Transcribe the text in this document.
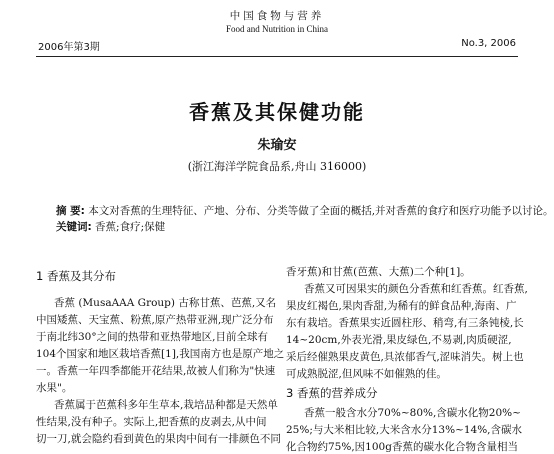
中国食物与营养
Food and Nutrition in China
2006年第3期	No.3, 2006
香蕉及其保健功能
朱瑜安
(浙江海洋学院食品系,舟山 316000)
摘 要: 本文对香蕉的生理特征、产地、分布、分类等做了全面的概括,并对香蕉的食疗和医疗功能予以讨论。
关键词: 香蕉;食疗;保健
1 香蕉及其分布
香蕉 (MusaAAA Group) 古称甘蕉、芭蕉,又名
中国矮蕉、天宝蕉、粉蕉,原产热带亚洲,现广泛分布
于南北纬30°之间的热带和亚热带地区,目前全球有
104个国家和地区栽培香蕉[1],我国南方也是原产地之
一。香蕉一年四季都能开花结果,故被人们称为"快速
水果"。
香蕉属于芭蕉科多年生草本,栽培品种都是天然单
性结果,没有种子。实际上,把香蕉的皮剥去,从中间
切一刀,就会隐约看到黄色的果肉中间有一排颜色不同
香牙蕉)和甘蕉(芭蕉、大蕉)二个种[1]。
香蕉又可因果实的颜色分香蕉和红香蕉。红香蕉,
果皮红褐色,果肉香甜,为稀有的鲜食品种,海南、广
东有栽培。香蕉果实近圆柱形、稍弯,有三条钝棱,长
14~20cm,外表光滑,果皮绿色,不易剥,肉质硬涩,
采后经催熟果皮黄色,具浓郁香气,涩味消失。树上也
可成熟脱涩,但风味不如催熟的佳。
3 香蕉的营养成分
香蕉一般含水分70%~80%,含碳水化物20%~
25%;与大米相比较,大米含水分13%~14%,含碳水
化合物约75%,因100g香蕉的碳水化合物含量相当
